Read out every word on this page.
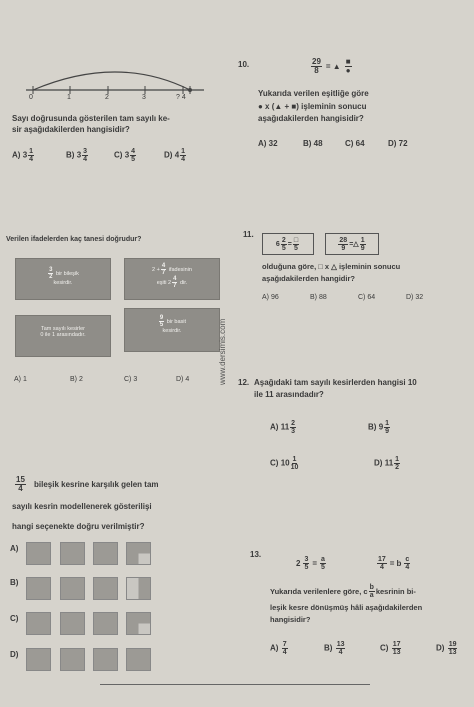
0	1	2	3	? 4
Sayı doğrusunda gösterilen tam sayılı ke-
sir aşağıdakilerden hangisidir?
A) $3 \frac{1}{4}$	B) $3 \frac{3}{4}$	C) $3 \frac{4}{5}$	D) $4 \frac{1}{4}$
Verilen ifadelerden kaç tanesi doğrudur?
$\frac{3}{2}$ bir bileşik
kesirdir.
$2 + \frac{4}{7}$ ifadesinin
eşiti $2 \frac{4}{7}$ dir.
Tam sayılı kesirler
0 ile 1 arasındadır.
$\frac{9}{5}$ bir basit
kesirdir.
A) 1	B) 2	C) 3	D) 4
$\frac{15}{4}$ bileşik kesrine karşılık gelen tam
sayılı kesrin modellenerek gösterilişi
hangi seçenekte doğru verilmiştir?
A)
B)
C)
D)
www.dersimis.com
10.	$\frac{29}{8}$ = ▲ $\frac{■}{●}$
Yukarıda verilen eşitliğe göre
● x (▲ + ■) işleminin sonucu
aşağıdakilerden hangisidir?
A) 32	B) 48	C) 64	D) 72
11.
$6 \frac{2}{5} = \frac{□}{5}$	$\frac{28}{9}$ = △ $\frac{1}{9}$
olduğuna göre, □ x △ işleminin sonucu
aşağıdakilerden hangidir?
A) 96	B) 88	C) 64	D) 32
12. Aşağıdaki tam sayılı kesirlerden hangisi 10
ile 11 arasındadır?
A) $11 \frac{2}{3}$	B) $9 \frac{1}{9}$
C) $10 \frac{1}{10}$	D) $11 \frac{1}{2}$
13.
$2 \frac{3}{5} = \frac{a}{5}$	$\frac{17}{4} = b \frac{c}{4}$
Yukarıda verilenlere göre, c $\frac{b}{a}$ kesrinin bi-
leşik kesre dönüşmüş hâli aşağıdakilerden
hangisidir?
$A) \frac{7}{4}$	$B) \frac{13}{4}$	$C) \frac{17}{13}$	$D) \frac{19}{13}$
